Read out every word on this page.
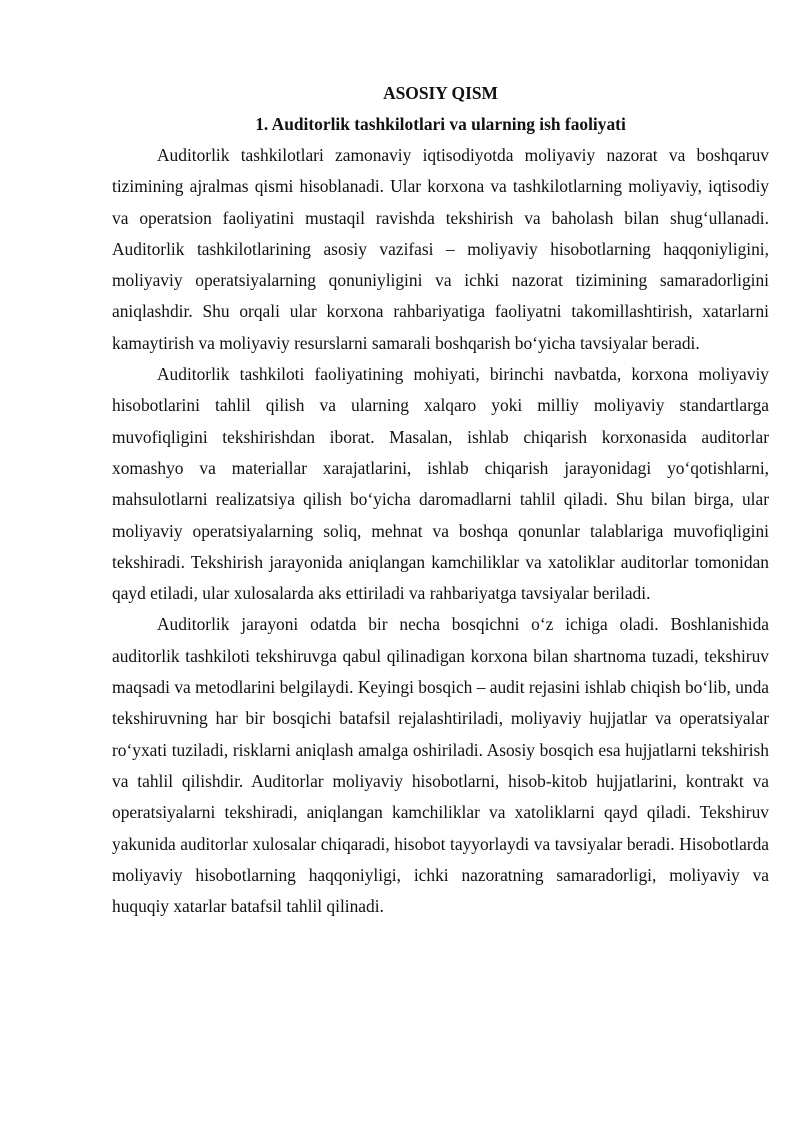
ASOSIY QISM
1. Auditorlik tashkilotlari va ularning ish faoliyati

Auditorlik tashkilotlari zamonaviy iqtisodiyotda moliyaviy nazorat va boshqaruv tizimining ajralmas qismi hisoblanadi. Ular korxona va tashkilotlarning moliyaviy, iqtisodiy va operatsion faoliyatini mustaqil ravishda tekshirish va baholash bilan shug‘ullanadi. Auditorlik tashkilotlarining asosiy vazifasi – moliyaviy hisobotlarning haqqoniyligini, moliyaviy operatsiyalarning qonuniyligini va ichki nazorat tizimining samaradorligini aniqlashdir. Shu orqali ular korxona rahbariyatiga faoliyatni takomillashtirish, xatarlarni kamaytirish va moliyaviy resurslarni samarali boshqarish bo‘yicha tavsiyalar beradi.

Auditorlik tashkiloti faoliyatining mohiyati, birinchi navbatda, korxona moliyaviy hisobotlarini tahlil qilish va ularning xalqaro yoki milliy moliyaviy standartlarga muvofiqligini tekshirishdan iborat. Masalan, ishlab chiqarish korxonasida auditorlar xomashyo va materiallar xarajatlarini, ishlab chiqarish jarayonidagi yo‘qotishlarni, mahsulotlarni realizatsiya qilish bo‘yicha daromadlarni tahlil qiladi. Shu bilan birga, ular moliyaviy operatsiyalarning soliq, mehnat va boshqa qonunlar talablariga muvofiqligini tekshiradi. Tekshirish jarayonida aniqlangan kamchiliklar va xatoliklar auditorlar tomonidan qayd etiladi, ular xulosalarda aks ettiriladi va rahbariyatga tavsiyalar beriladi.

Auditorlik jarayoni odatda bir necha bosqichni o‘z ichiga oladi. Boshlanishida auditorlik tashkiloti tekshiruvga qabul qilinadigan korxona bilan shartnoma tuzadi, tekshiruv maqsadi va metodlarini belgilaydi. Keyingi bosqich – audit rejasini ishlab chiqish bo‘lib, unda tekshiruvning har bir bosqichi batafsil rejalashtiriladi, moliyaviy hujjatlar va operatsiyalar ro‘yxati tuziladi, risklarni aniqlash amalga oshiriladi. Asosiy bosqich esa hujjatlarni tekshirish va tahlil qilishdir. Auditorlar moliyaviy hisobotlarni, hisob-kitob hujjatlarini, kontrakt va operatsiyalarni tekshiradi, aniqlangan kamchiliklar va xatoliklarni qayd qiladi. Tekshiruv yakunida auditorlar xulosalar chiqaradi, hisobot tayyorlaydi va tavsiyalar beradi. Hisobotlarda moliyaviy hisobotlarning haqqoniyligi, ichki nazoratning samaradorligi, moliyaviy va huquqiy xatarlar batafsil tahlil qilinadi.
